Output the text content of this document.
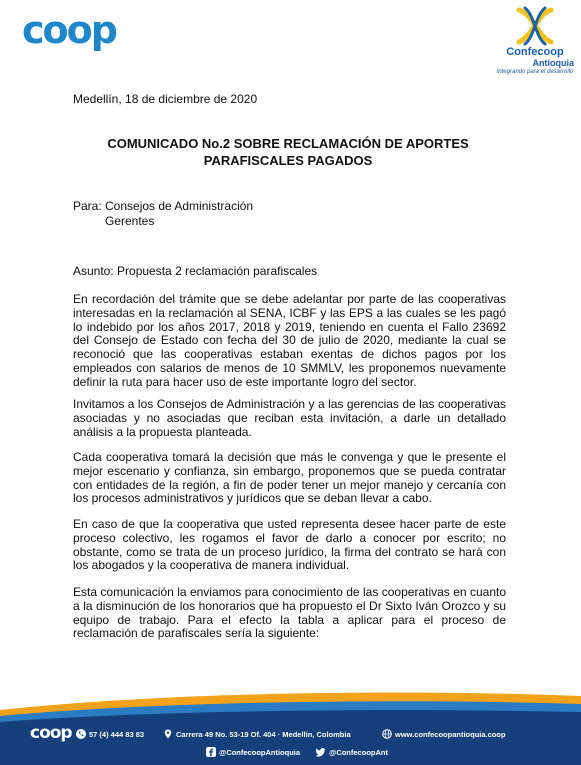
coop	Confecoop
Antioquia
Integrando para el desarrollo
Medellín, 18 de diciembre de 2020
COMUNICADO No.2 SOBRE RECLAMACIÓN DE APORTES
PARAFISCALES PAGADOS
Para: Consejos de Administración
Gerentes
Asunto: Propuesta 2 reclamación parafiscales
En recordación del trámite que se debe adelantar por parte de las cooperativas interesadas en la reclamación al SENA, ICBF y las EPS a las cuales se les pagó lo indebido por los años 2017, 2018 y 2019, teniendo en cuenta el Fallo 23692 del Consejo de Estado con fecha del 30 de julio de 2020, mediante la cual se reconoció que las cooperativas estaban exentas de dichos pagos por los empleados con salarios de menos de 10 SMMLV, les proponemos nuevamente definir la ruta para hacer uso de este importante logro del sector.
Invitamos a los Consejos de Administración y a las gerencias de las cooperativas asociadas y no asociadas que reciban esta invitación, a darle un detallado análisis a la propuesta planteada.
Cada cooperativa tomará la decisión que más le convenga y que le presente el mejor escenario y confianza, sin embargo, proponemos que se pueda contratar con entidades de la región, a fin de poder tener un mejor manejo y cercanía con los procesos administrativos y jurídicos que se deban llevar a cabo.
En caso de que la cooperativa que usted representa desee hacer parte de este proceso colectivo, les rogamos el favor de darlo a conocer por escrito; no obstante, como se trata de un proceso jurídico, la firma del contrato se hará con los abogados y la cooperativa de manera individual.
Esta comunicación la enviamos para conocimiento de las cooperativas en cuanto a la disminución de los honorarios que ha propuesto el Dr Sixto Iván Orozco y su equipo de trabajo. Para el efecto la tabla a aplicar para el proceso de reclamación de parafiscales sería la siguiente:
coop 57 (4) 444 83 83	Carrera 49 No. 53-19 Of. 404 · Medellín, Colombia	www.confecoopantioquia.coop
@ConfecoopAntioquia	@ConfecoopAnt
